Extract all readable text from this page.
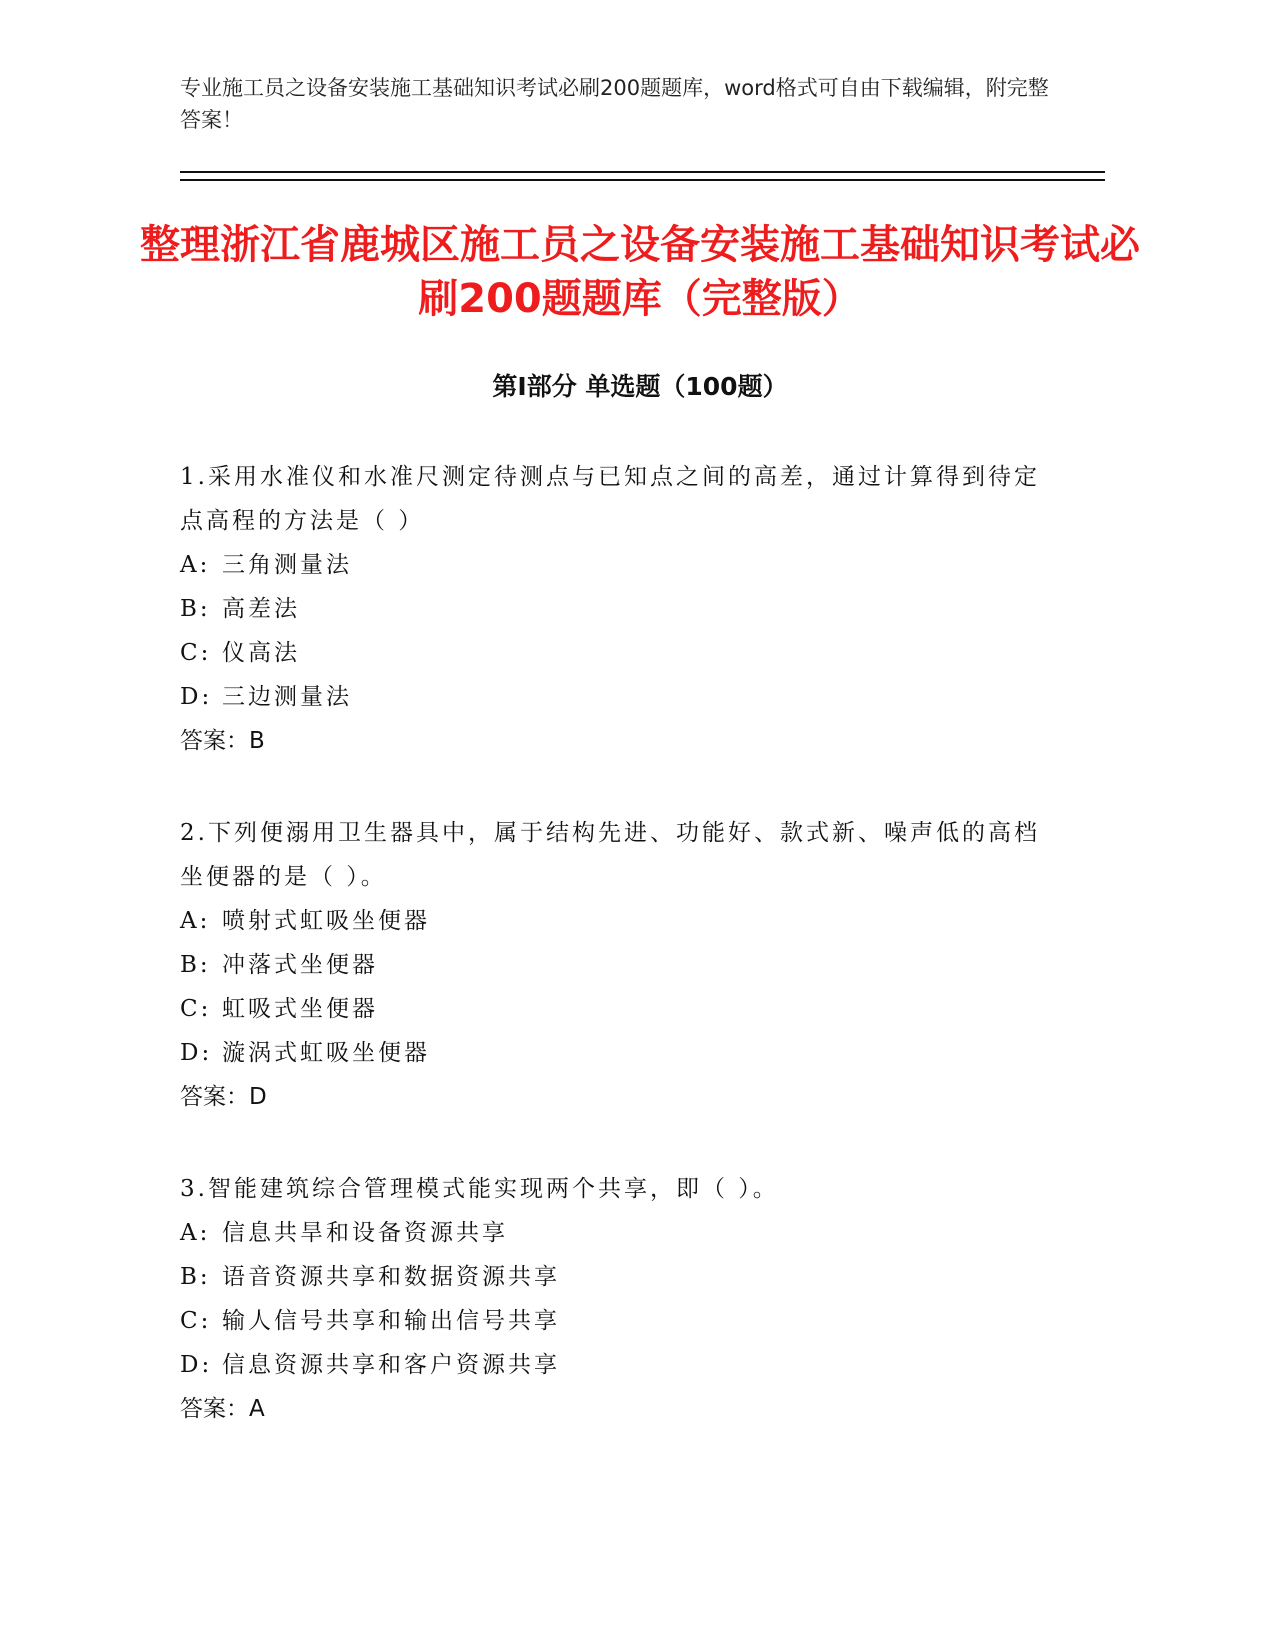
专业施工员之设备安装施工基础知识考试必刷200题题库，word格式可自由下载编辑，附完整答案！

整理浙江省鹿城区施工员之设备安装施工基础知识考试必刷200题题库（完整版）
第Ⅰ部分 单选题（100题）

1.采用水准仪和水准尺测定待测点与已知点之间的高差，通过计算得到待定点高程的方法是（ ）

A: 三角测量法

B: 高差法

C: 仪高法

D: 三边测量法

答案：B

2.下列便溺用卫生器具中，属于结构先进、功能好、款式新、噪声低的高档坐便器的是（ ）。

A: 喷射式虹吸坐便器

B: 冲落式坐便器

C: 虹吸式坐便器

D: 漩涡式虹吸坐便器

答案：D

3.智能建筑综合管理模式能实现两个共享，即（ ）。

A: 信息共旱和设备资源共享

B: 语音资源共享和数据资源共享

C: 输人信号共享和输出信号共享

D: 信息资源共享和客户资源共享

答案：A
